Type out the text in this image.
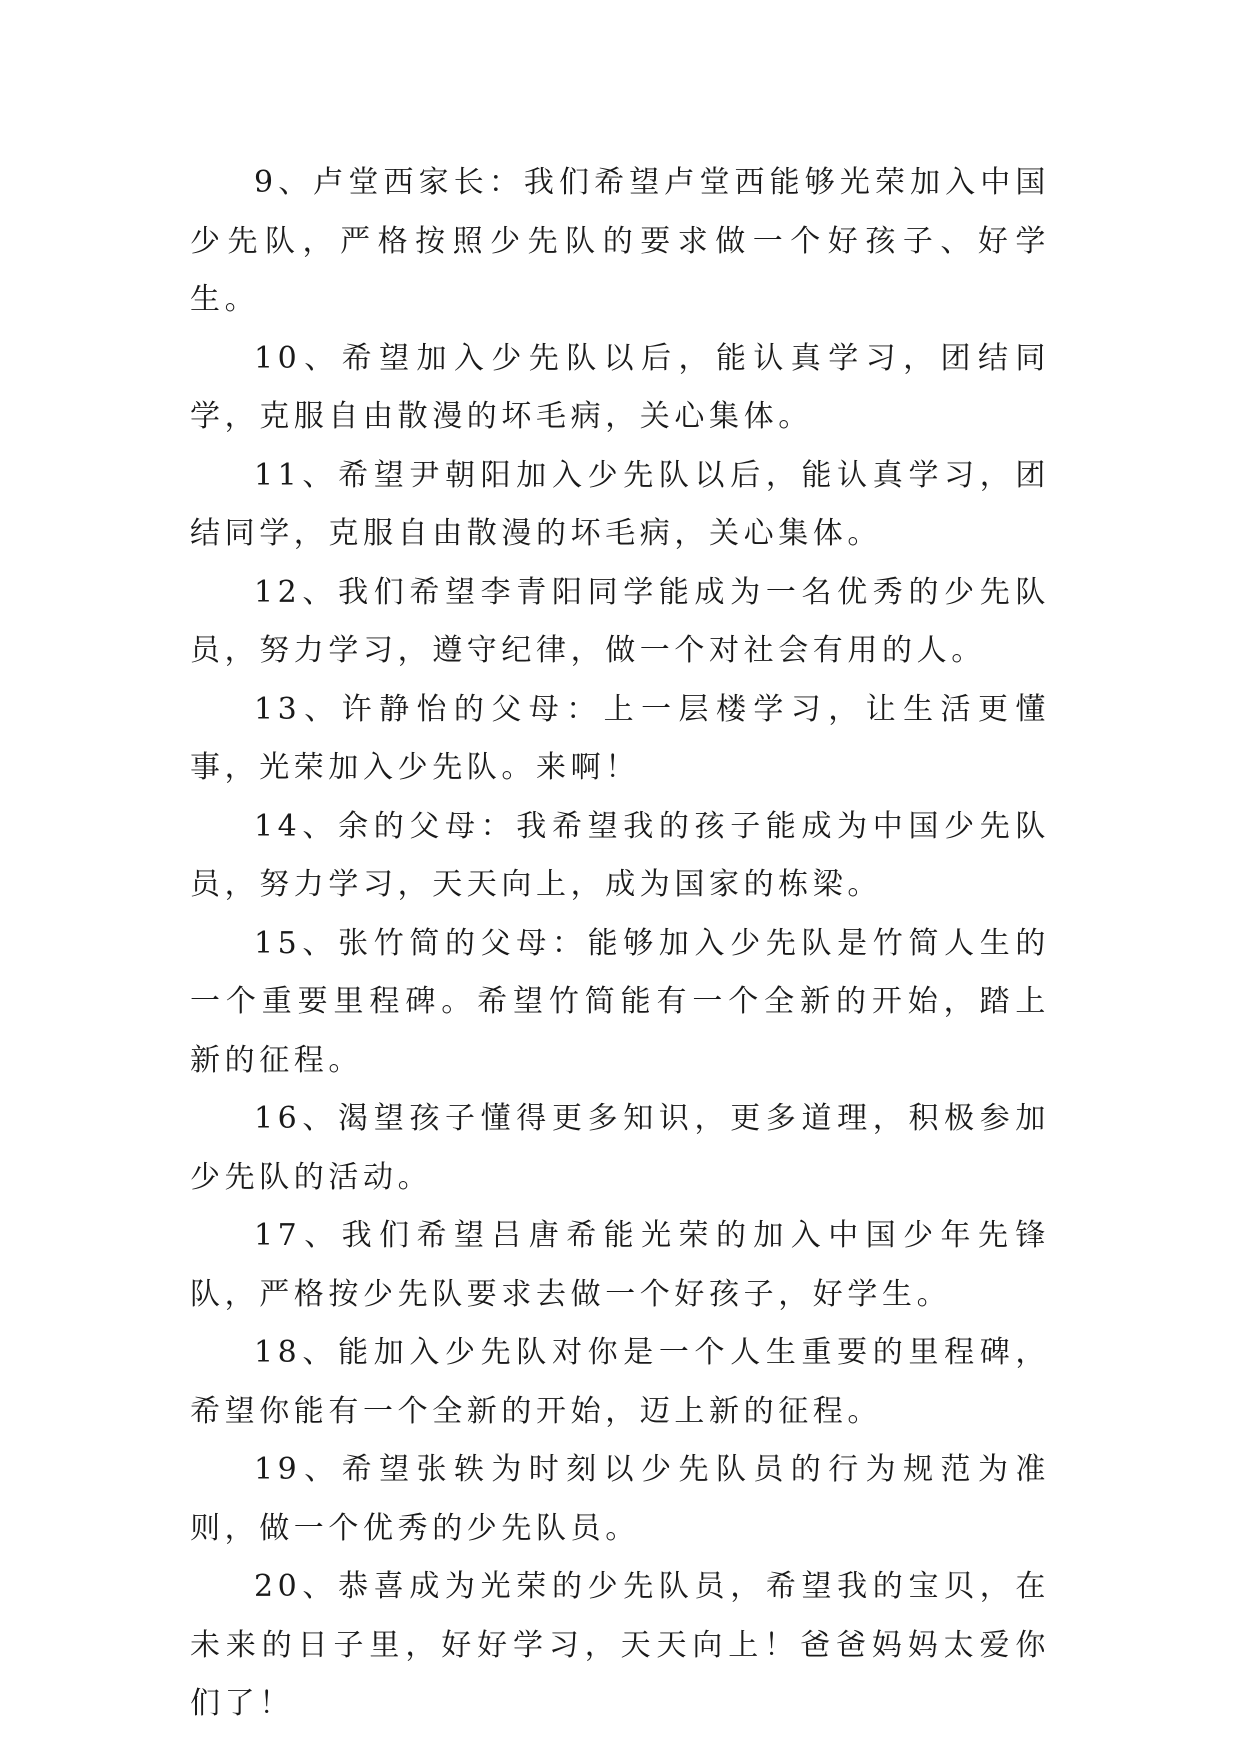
9、卢堂西家长：我们希望卢堂西能够光荣加入中国少先队，严格按照少先队的要求做一个好孩子、好学生。

10、希望加入少先队以后，能认真学习，团结同学，克服自由散漫的坏毛病，关心集体。

11、希望尹朝阳加入少先队以后，能认真学习，团结同学，克服自由散漫的坏毛病，关心集体。

12、我们希望李青阳同学能成为一名优秀的少先队员，努力学习，遵守纪律，做一个对社会有用的人。

13、许静怡的父母：上一层楼学习，让生活更懂事，光荣加入少先队。来啊！

14、余的父母：我希望我的孩子能成为中国少先队员，努力学习，天天向上，成为国家的栋梁。

15、张竹简的父母：能够加入少先队是竹简人生的一个重要里程碑。希望竹简能有一个全新的开始，踏上新的征程。

16、渴望孩子懂得更多知识，更多道理，积极参加少先队的活动。

17、我们希望吕唐希能光荣的加入中国少年先锋队，严格按少先队要求去做一个好孩子，好学生。

18、能加入少先队对你是一个人生重要的里程碑，希望你能有一个全新的开始，迈上新的征程。

19、希望张轶为时刻以少先队员的行为规范为准则，做一个优秀的少先队员。

20、恭喜成为光荣的少先队员，希望我的宝贝，在未来的日子里，好好学习，天天向上！爸爸妈妈太爱你们了！
